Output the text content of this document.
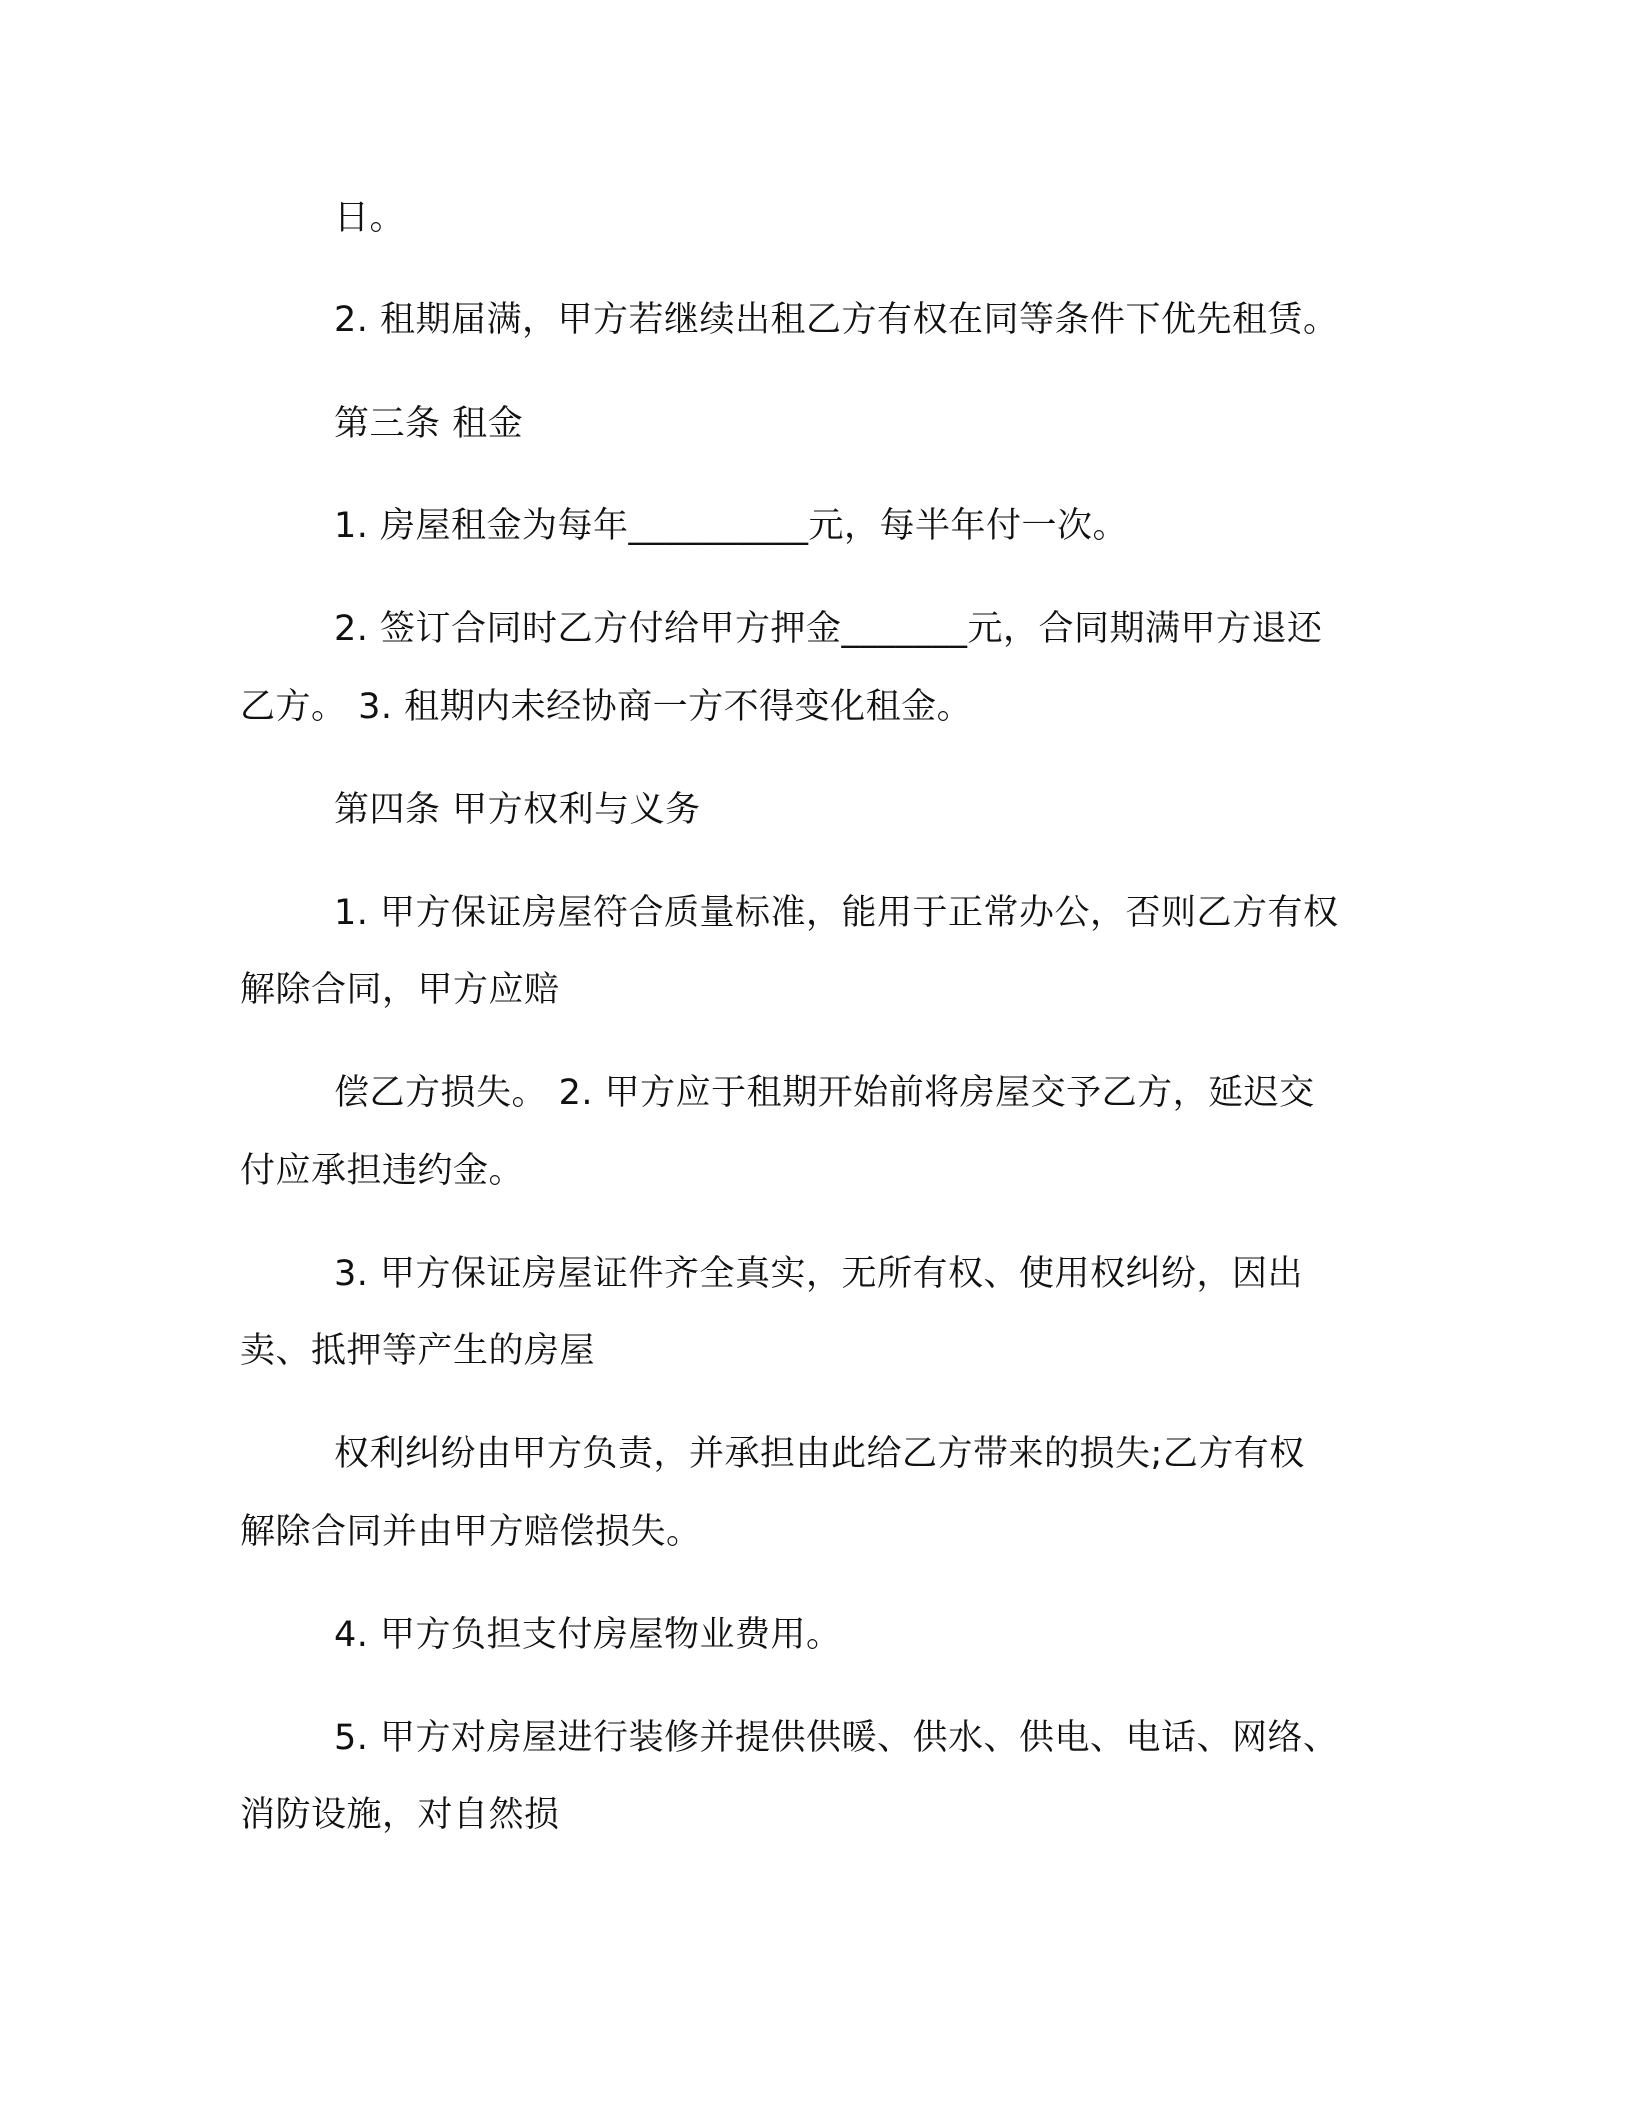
日。

2. 租期届满，甲方若继续出租乙方有权在同等条件下优先租赁。

第三条 租金

1. 房屋租金为每年__________元，每半年付一次。

2. 签订合同时乙方付给甲方押金_______元，合同期满甲方退还

乙方。 3. 租期内未经协商一方不得变化租金。

第四条 甲方权利与义务

1. 甲方保证房屋符合质量标准，能用于正常办公，否则乙方有权

解除合同，甲方应赔

偿乙方损失。 2. 甲方应于租期开始前将房屋交予乙方，延迟交

付应承担违约金。

3. 甲方保证房屋证件齐全真实，无所有权、使用权纠纷，因出

卖、抵押等产生的房屋

权利纠纷由甲方负责，并承担由此给乙方带来的损失;乙方有权

解除合同并由甲方赔偿损失。

4. 甲方负担支付房屋物业费用。

5. 甲方对房屋进行装修并提供供暖、供水、供电、电话、网络、

消防设施，对自然损
